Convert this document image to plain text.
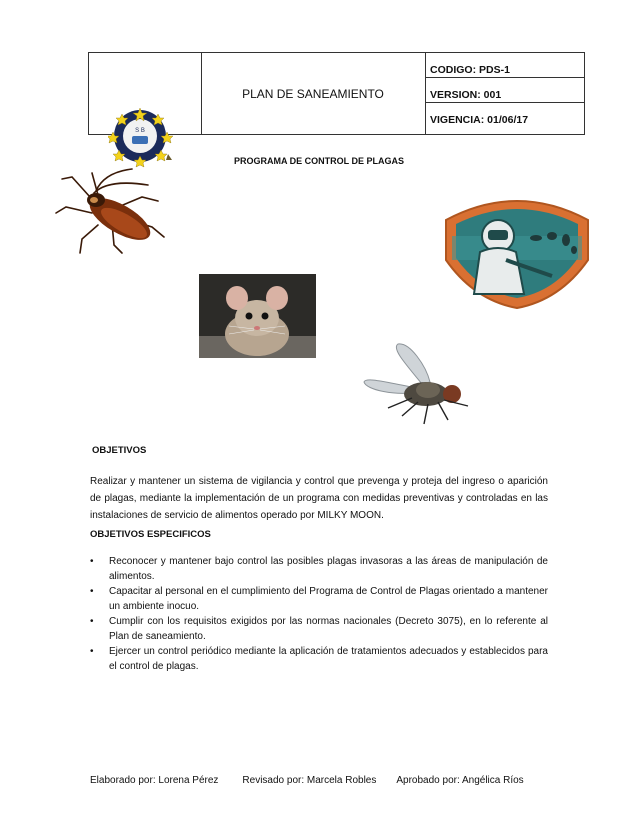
PLAN DE SANEAMIENTO
CODIGO: PDS-1
VERSION: 001
VIGENCIA: 01/06/17
S B
PROGRAMA DE CONTROL DE PLAGAS
OBJETIVOS
Realizar y mantener un sistema de vigilancia y control que prevenga y proteja del ingreso o aparición de plagas, mediante la implementación de un programa con medidas preventivas y controladas en las instalaciones de servicio de alimentos operado por MILKY MOON.
OBJETIVOS ESPECIFICOS
• Reconocer y mantener bajo control las posibles plagas invasoras a las áreas de manipulación de alimentos.
• Capacitar al personal en el cumplimiento del Programa de Control de Plagas orientado a mantener un ambiente inocuo.
• Cumplir con los requisitos exigidos por las normas nacionales (Decreto 3075), en lo referente al Plan de saneamiento.
• Ejercer un control periódico mediante la aplicación de tratamientos adecuados y establecidos para el control de plagas.
Elaborado por: Lorena Pérez Revisado por: Marcela Robles Aprobado por: Angélica Ríos
